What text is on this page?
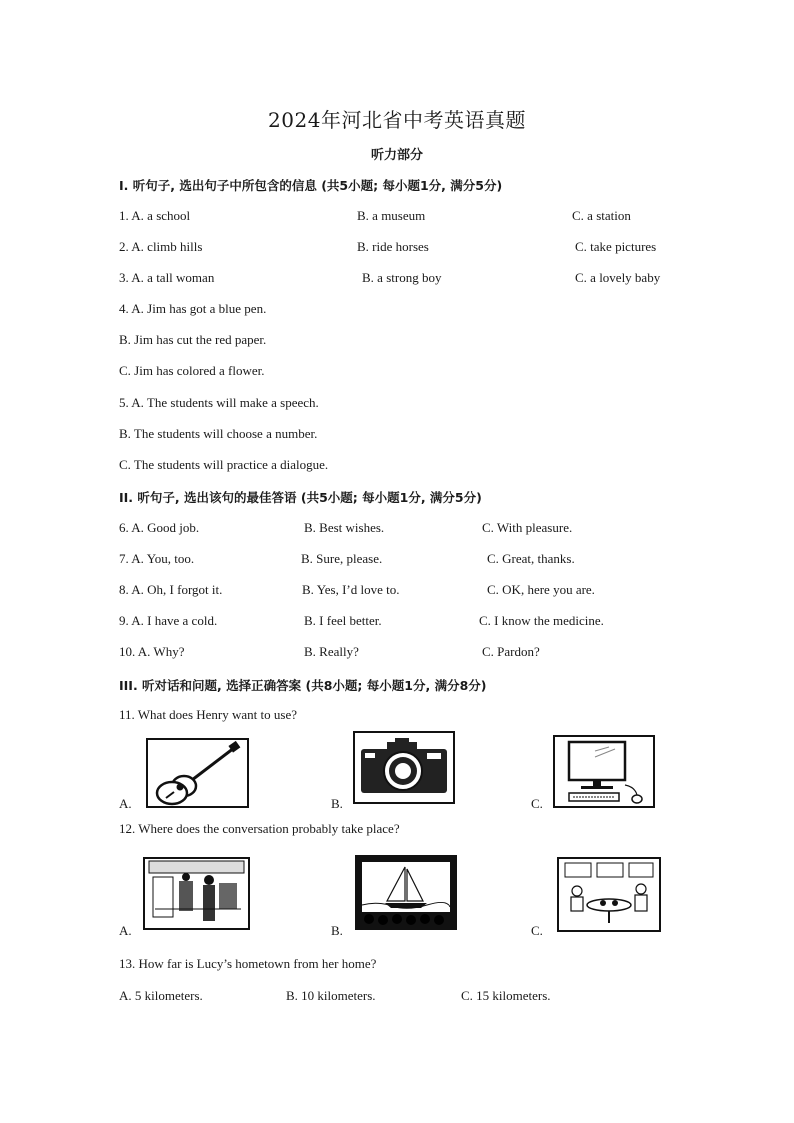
2024年河北省中考英语真题
听力部分
I. 听句子, 选出句子中所包含的信息 (共5小题; 每小题1分, 满分5分)
1. A. a school	B. a museum	C. a station
2. A. climb hills	B. ride horses	C. take pictures
3. A. a tall woman	B. a strong boy	C. a lovely baby
4. A. Jim has got a blue pen.
B. Jim has cut the red paper.
C. Jim has colored a flower.
5. A. The students will make a speech.
B. The students will choose a number.
C. The students will practice a dialogue.
II. 听句子, 选出该句的最佳答语 (共5小题; 每小题1分, 满分5分)
6. A. Good job.	B. Best wishes.	C. With pleasure.
7. A. You, too.	B. Sure, please.	C. Great, thanks.
8. A. Oh, I forgot it.	B. Yes, I’d love to.	C. OK, here you are.
9. A. I have a cold.	B. I feel better.	C. I know the medicine.
10. A. Why?	B. Really?	C. Pardon?
III. 听对话和问题, 选择正确答案 (共8小题; 每小题1分, 满分8分)
11. What does Henry want to use?
A.	B.	C.
12. Where does the conversation probably take place?
A.	B.	C.
13. How far is Lucy’s hometown from her home?
A. 5 kilometers.	B. 10 kilometers.	C. 15 kilometers.
